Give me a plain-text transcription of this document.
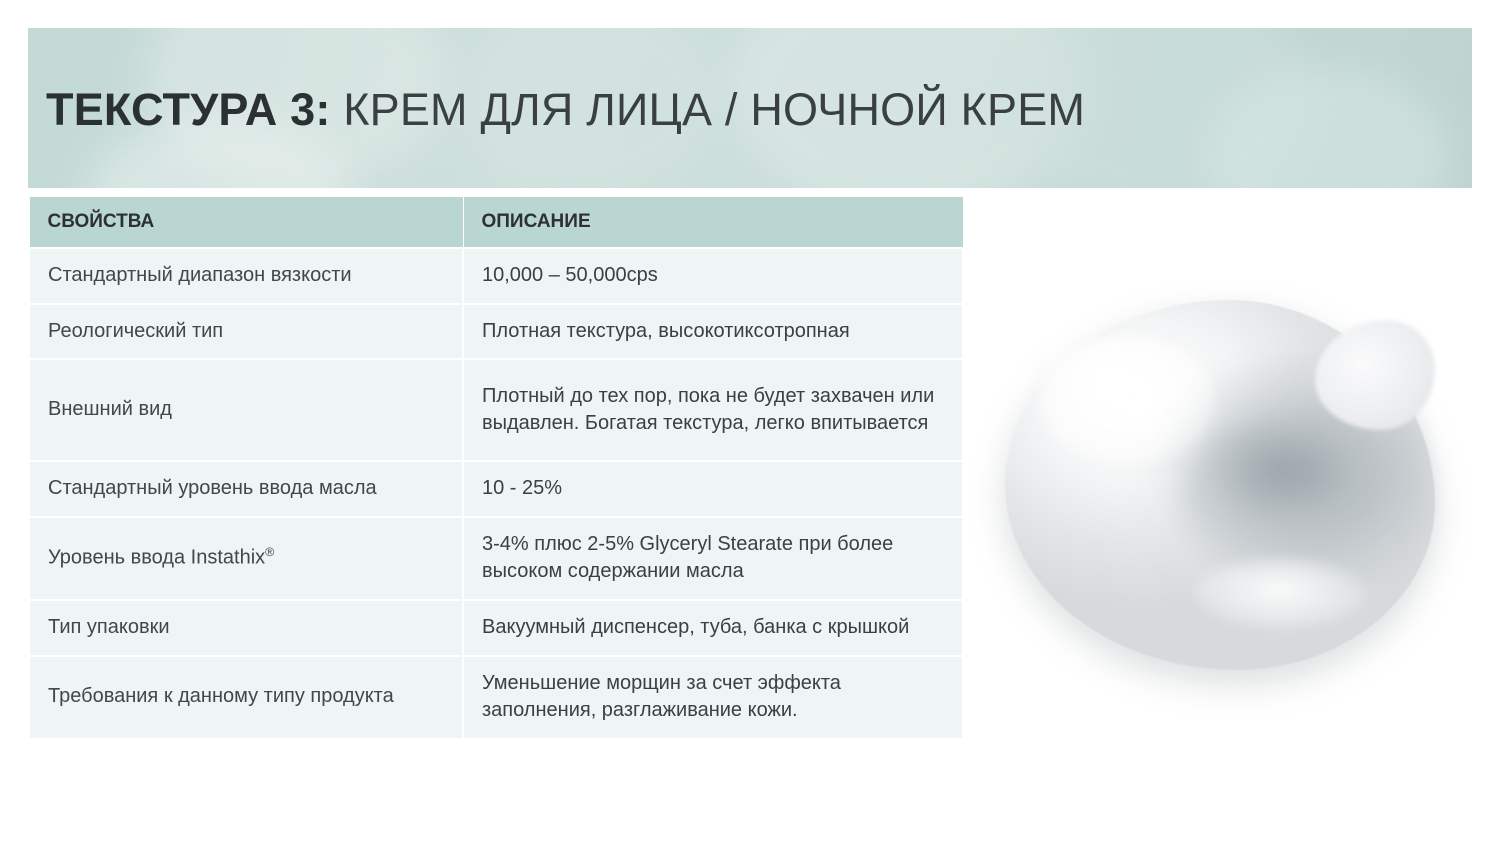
ТЕКСТУРА 3: КРЕМ ДЛЯ ЛИЦА / НОЧНОЙ КРЕМ
СВОЙСТВА	ОПИСАНИЕ
Стандартный диапазон вязкости	10,000 – 50,000cps
Реологический тип	Плотная текстура, высокотиксотропная
Внешний вид	Плотный до тех пор, пока не будет захвачен или выдавлен. Богатая текстура, легко впитывается
Стандартный уровень ввода масла	10 - 25%
Уровень ввода Instathix®	3-4% плюс 2-5% Glyceryl Stearate при более высоком содержании масла
Тип упаковки	Вакуумный диспенсер, туба, банка с крышкой
Требования к данному типу продукта	Уменьшение морщин за счет эффекта заполнения, разглаживание кожи.
